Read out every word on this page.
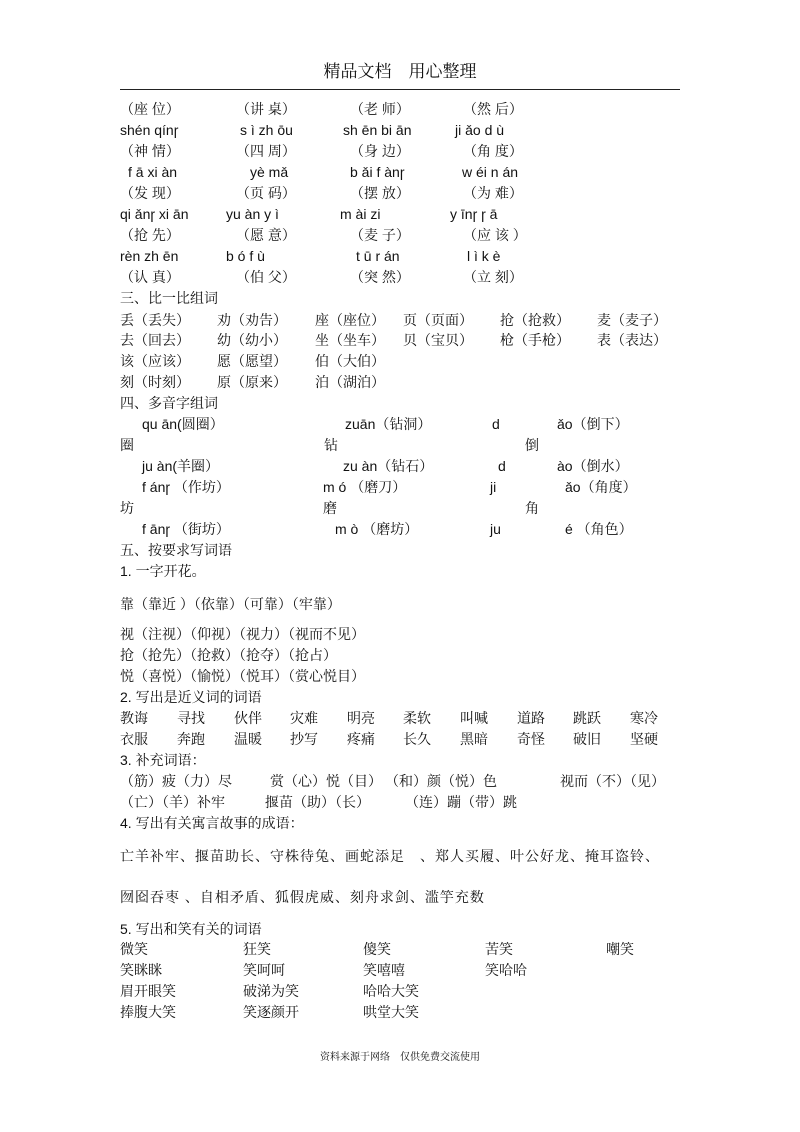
精品文档　用心整理
（座 位）	（讲 桌）	（老 师）	（然 后）
shén qínɼ	s ì zh ōu	sh ēn bi ān	ji ǎo d ù
（神 情）	（四 周）	（身 边）	（角 度）
f ā xi àn	yè mǎ	b ǎi f ànɼ	w éi n án
（发 现）	（页 码）	（摆 放）	（为 难）
qi ǎnɼ xi ān	yu àn y ì	m ài zi	y īnɼ ɼ ā
（抢 先）	（愿 意）	（麦 子）	（应 该 ）
rèn zh ēn	b ó f ù	t ū r án	l ì k è
（认 真）	（伯 父）	（突 然）	（立 刻）
三、比一比组词
丢（丢失） 劝（劝告） 座（座位） 页（页面） 抢（抢救） 麦（麦子）
去（回去） 幼（幼小） 坐（坐车） 贝（宝贝） 枪（手枪） 表（表达）
该（应该） 愿（愿望） 伯（大伯）
刻（时刻） 原（原来） 泊（湖泊）
四、多音字组词
qu ān(圆圈）	zuān（钻洞）	d	ǎo（倒下）
圈	钻	倒
ju àn(羊圈）	zu àn（钻石）	d	ào（倒水）
f ánɼ （作坊）	m ó （磨刀）	ji	ǎo（角度）
坊	磨	角
f ānɼ （街坊）	m ò （磨坊）	ju	é （角色）
五、按要求写词语
1. 一字开花。
靠（靠近 ）（依靠）（可靠）（牢靠）
视（注视）（仰视）（视力）（视而不见）
抢（抢先）（抢救）（抢夺）（抢占）
悦（喜悦）（愉悦）（悦耳）（赏心悦目）
2. 写出是近义词的词语
教诲 寻找 伙伴 灾难 明亮 柔软 叫喊 道路 跳跃 寒冷
衣服 奔跑 温暖 抄写 疼痛 长久 黑暗 奇怪 破旧 坚硬
3. 补充词语：
（筋）疲（力）尽	赏（心）悦（目） （和）颜（悦）色	视而（不）（见）
（亡）（羊）补牢	揠苗（助）（长）	（连）蹦（带）跳
4. 写出有关寓言故事的成语：
亡羊补牢、揠苗助长、守株待兔、画蛇添足　、郑人买履、叶公好龙、掩耳盗铃、
囫囵吞枣 、自相矛盾、狐假虎威、刻舟求剑、滥竽充数
5. 写出和笑有关的词语
微笑	狂笑	傻笑	苦笑	嘲笑
笑眯眯	笑呵呵	笑嘻嘻	笑哈哈
眉开眼笑	破涕为笑	哈哈大笑
捧腹大笑	笑逐颜开	哄堂大笑
资料来源于网络　仅供免费交流使用
